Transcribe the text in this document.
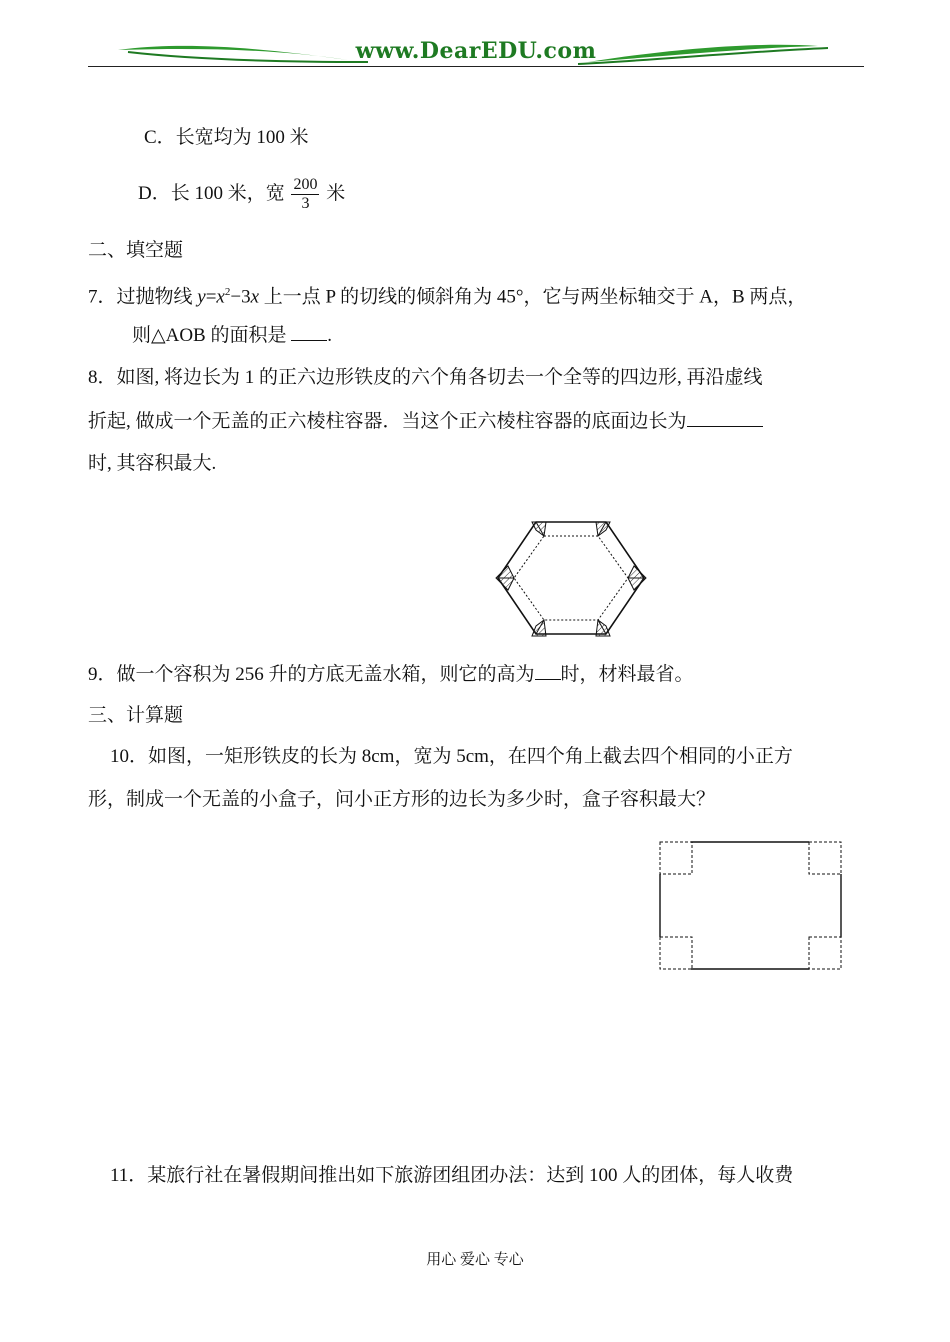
www.DearEDU.com
C．长宽均为 100 米
D．长 100 米，宽 $\frac{200}{3}$ 米
二、填空题
7．过抛物线 $y=x^2-3x$ 上一点 P 的切线的倾斜角为 45°，它与两坐标轴交于 A，B 两点，
则△AOB 的面积是 .
8．如图, 将边长为 1 的正六边形铁皮的六个角各切去一个全等的四边形, 再沿虚线
折起, 做成一个无盖的正六棱柱容器．当这个正六棱柱容器的底面边长为
时, 其容积最大.
9．做一个容积为 256 升的方底无盖水箱，则它的高为 时，材料最省。
三、计算题
10．如图，一矩形铁皮的长为 8cm，宽为 5cm，在四个角上截去四个相同的小正方
形，制成一个无盖的小盒子，问小正方形的边长为多少时，盒子容积最大？
11．某旅行社在暑假期间推出如下旅游团组团办法：达到 100 人的团体，每人收费
用心 爱心 专心
